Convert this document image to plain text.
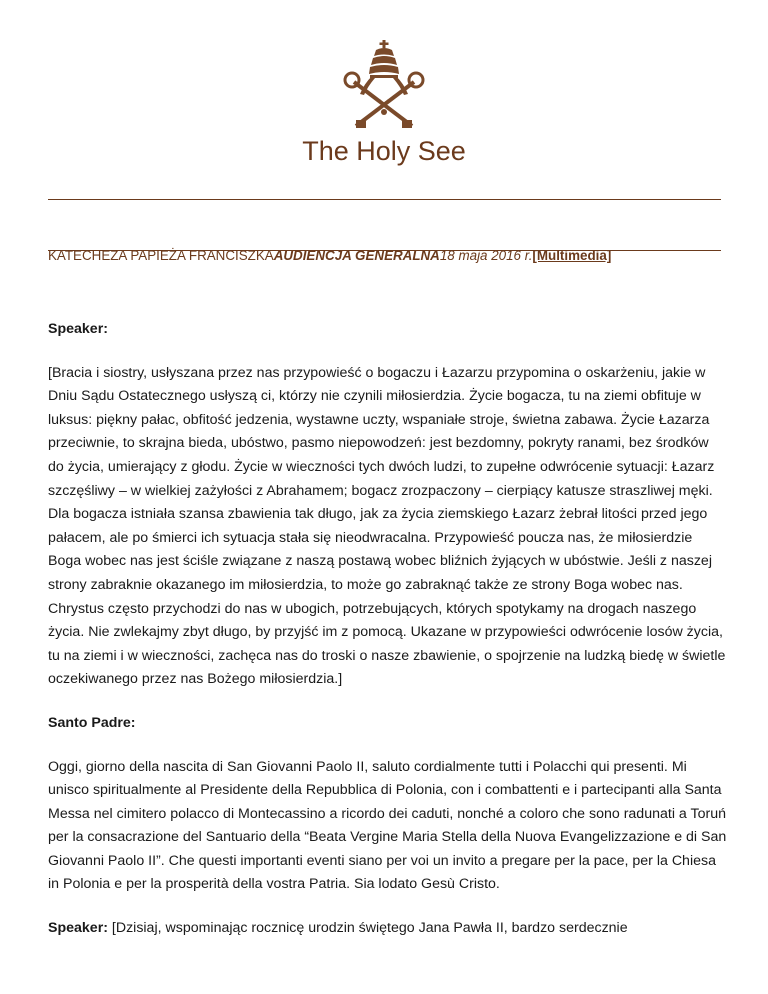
The Holy See
KATECHEZA PAPIEŻA FRANCISZKAAUDIENCJA GENERALNA18 maja 2016 r.[Multimedia]

Speaker:

[Bracia i siostry, usłyszana przez nas przypowieść o bogaczu i Łazarzu przypomina o oskarżeniu, jakie w Dniu Sądu Ostatecznego usłyszą ci, którzy nie czynili miłosierdzia. Życie bogacza, tu na ziemi obfituje w luksus: piękny pałac, obfitość jedzenia, wystawne uczty, wspaniałe stroje, świetna zabawa. Życie Łazarza przeciwnie, to skrajna bieda, ubóstwo, pasmo niepowodzeń: jest bezdomny, pokryty ranami, bez środków do życia, umierający z głodu. Życie w wieczności tych dwóch ludzi, to zupełne odwrócenie sytuacji: Łazarz szczęśliwy – w wielkiej zażyłości z Abrahamem; bogacz zrozpaczony – cierpiący katusze straszliwej męki. Dla bogacza istniała szansa zbawienia tak długo, jak za życia ziemskiego Łazarz żebrał litości przed jego pałacem, ale po śmierci ich sytuacja stała się nieodwracalna. Przypowieść poucza nas, że miłosierdzie Boga wobec nas jest ściśle związane z naszą postawą wobec bliźnich żyjących w ubóstwie. Jeśli z naszej strony zabraknie okazanego im miłosierdzia, to może go zabraknąć także ze strony Boga wobec nas. Chrystus często przychodzi do nas w ubogich, potrzebujących, których spotykamy na drogach naszego życia. Nie zwlekajmy zbyt długo, by przyjść im z pomocą. Ukazane w przypowieści odwrócenie losów życia, tu na ziemi i w wieczności, zachęca nas do troski o nasze zbawienie, o spojrzenie na ludzką biedę w świetle oczekiwanego przez nas Bożego miłosierdzia.]

Santo Padre:

Oggi, giorno della nascita di San Giovanni Paolo II, saluto cordialmente tutti i Polacchi qui presenti. Mi unisco spiritualmente al Presidente della Repubblica di Polonia, con i combattenti e i partecipanti alla Santa Messa nel cimitero polacco di Montecassino a ricordo dei caduti, nonché a coloro che sono radunati a Toruń per la consacrazione del Santuario della “Beata Vergine Maria Stella della Nuova Evangelizzazione e di San Giovanni Paolo II”. Che questi importanti eventi siano per voi un invito a pregare per la pace, per la Chiesa in Polonia e per la prosperità della vostra Patria. Sia lodato Gesù Cristo.

Speaker: [Dzisiaj, wspominając rocznicę urodzin świętego Jana Pawła II, bardzo serdecznie
